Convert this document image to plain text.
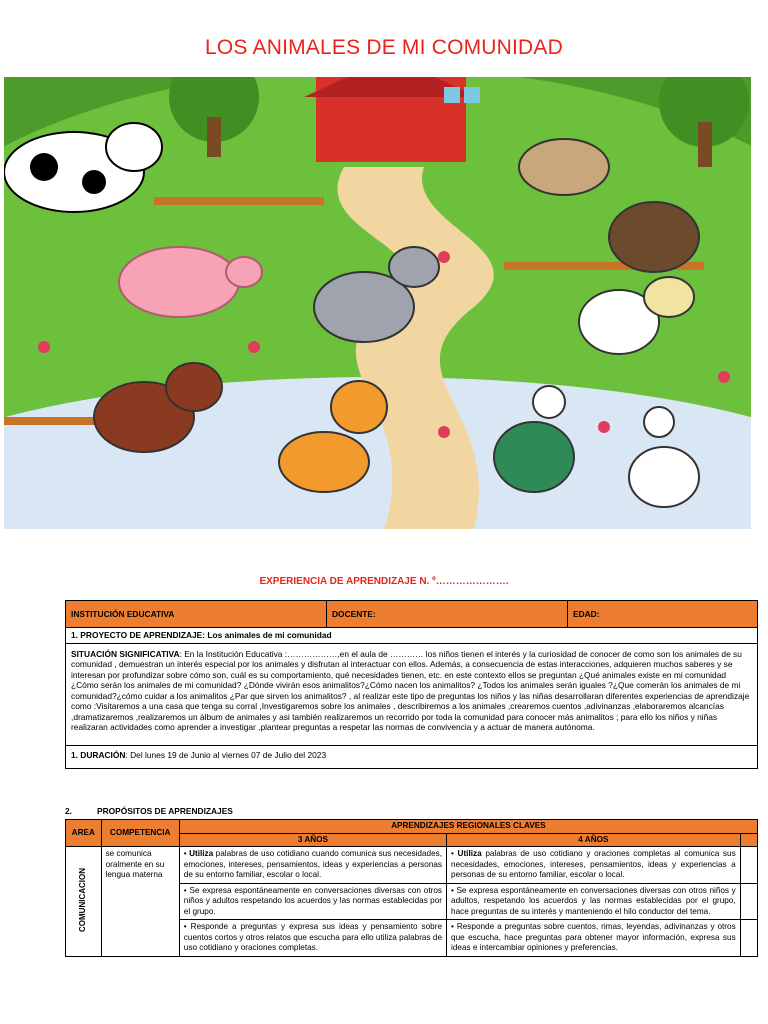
LOS ANIMALES DE MI COMUNIDAD
EXPERIENCIA DE APRENDIZAJE N. º………………….
INSTITUCIÓN EDUCATIVA	DOCENTE:	EDAD:
1. PROYECTO DE APRENDIZAJE: Los animales de mi comunidad
SITUACIÓN SIGNIFICATIVA: En la Institución Educativa :………………,en el aula de ………… los niños tienen el interés y la curiosidad de conocer de como son los animales de su comunidad , demuestran un interés especial por los animales y disfrutan al interactuar con ellos. Además, a consecuencia de estas interacciones, adquieren muchos saberes y se interesan por profundizar sobre cómo son, cuál es su comportamiento, qué necesidades tienen, etc. en este contexto ellos se preguntan ¿Qué animales existe en mi comunidad ¿Cómo serán los animales de mi comunidad? ¿Dónde vivirán esos animalitos?¿Cómo nacen los animalitos? ¿Todos los animales serán iguales ?¿Que comerán los animales de mi comunidad?¿cómo cuidar a los animalitos ¿Par que sirven los animalitos? , al realizar este tipo de preguntas los niños y las niñas desarrollaran diferentes experiencias de aprendizaje como :Visitaremos a una casa que tenga su corral ,Investigaremos sobre los animales , describiremos a los animales ,crearemos cuentos ,adivinanzas ,elaboraremos alcancías ,dramatizaremos ,realizaremos un álbum de animales y asi también realizaremos un recorrido por toda la comunidad para conocer más animalitos ; para ello los niños y niñas realizaran actividades como aprender a investigar ,plantear preguntas a respetar las normas de convivencia y a actuar de manera autónoma.
1. DURACIÓN: Del lunes 19 de Junio al viernes 07 de Julio del 2023
2.	PROPÓSITOS DE APRENDIZAJES
AREA	COMPETENCIA	APRENDIZAJES REGIONALES CLAVES		
		3 AÑOS	4 AÑOS	
COMUNICACION	se comunica oralmente en su lengua materna	• Utiliza palabras de uso cotidiano cuando comunica sus necesidades, emociones, intereses, pensamientos, ideas y experiencias a personas de su entorno familiar, escolar o local.	• Utiliza palabras de uso cotidiano y oraciones completas al comunica sus necesidades, emociones, intereses, pensamientos, ideas y experiencias a personas de su entorno familiar, escolar o local.	
		• Se expresa espontáneamente en conversaciones diversas con otros niños y adultos respetando los acuerdos y las normas establecidas por el grupo.	• Se expresa espontáneamente en conversaciones diversas con otros niños y adultos, respetando los acuerdos y las normas establecidas por el grupo, hace preguntas de su interés y manteniendo el hilo conductor del tema.	
		• Responde a preguntas y expresa sus ideas y pensamiento sobre cuentos cortos y otros relatos que escucha para ello utiliza palabras de uso cotidiano y oraciones completas.	• Responde a preguntas sobre cuentos, rimas, leyendas, adivinanzas y otros que escucha, hace preguntas para obtener mayor información, expresa sus ideas e intercambiar opiniones y preferencias.	
